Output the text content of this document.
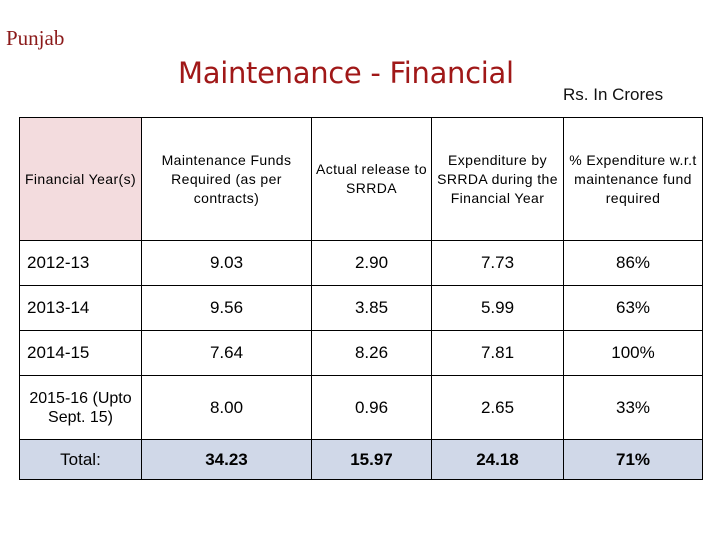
Punjab
Maintenance - Financial
Rs. In Crores
Financial Year(s)	Maintenance Funds Required (as per contracts)	Actual release to SRRDA	Expenditure by SRRDA during the Financial Year	% Expenditure w.r.t maintenance fund required
2012-13	9.03	2.90	7.73	86%
2013-14	9.56	3.85	5.99	63%
2014-15	7.64	8.26	7.81	100%
2015-16 (Upto Sept. 15)	8.00	0.96	2.65	33%
Total:	34.23	15.97	24.18	71%
